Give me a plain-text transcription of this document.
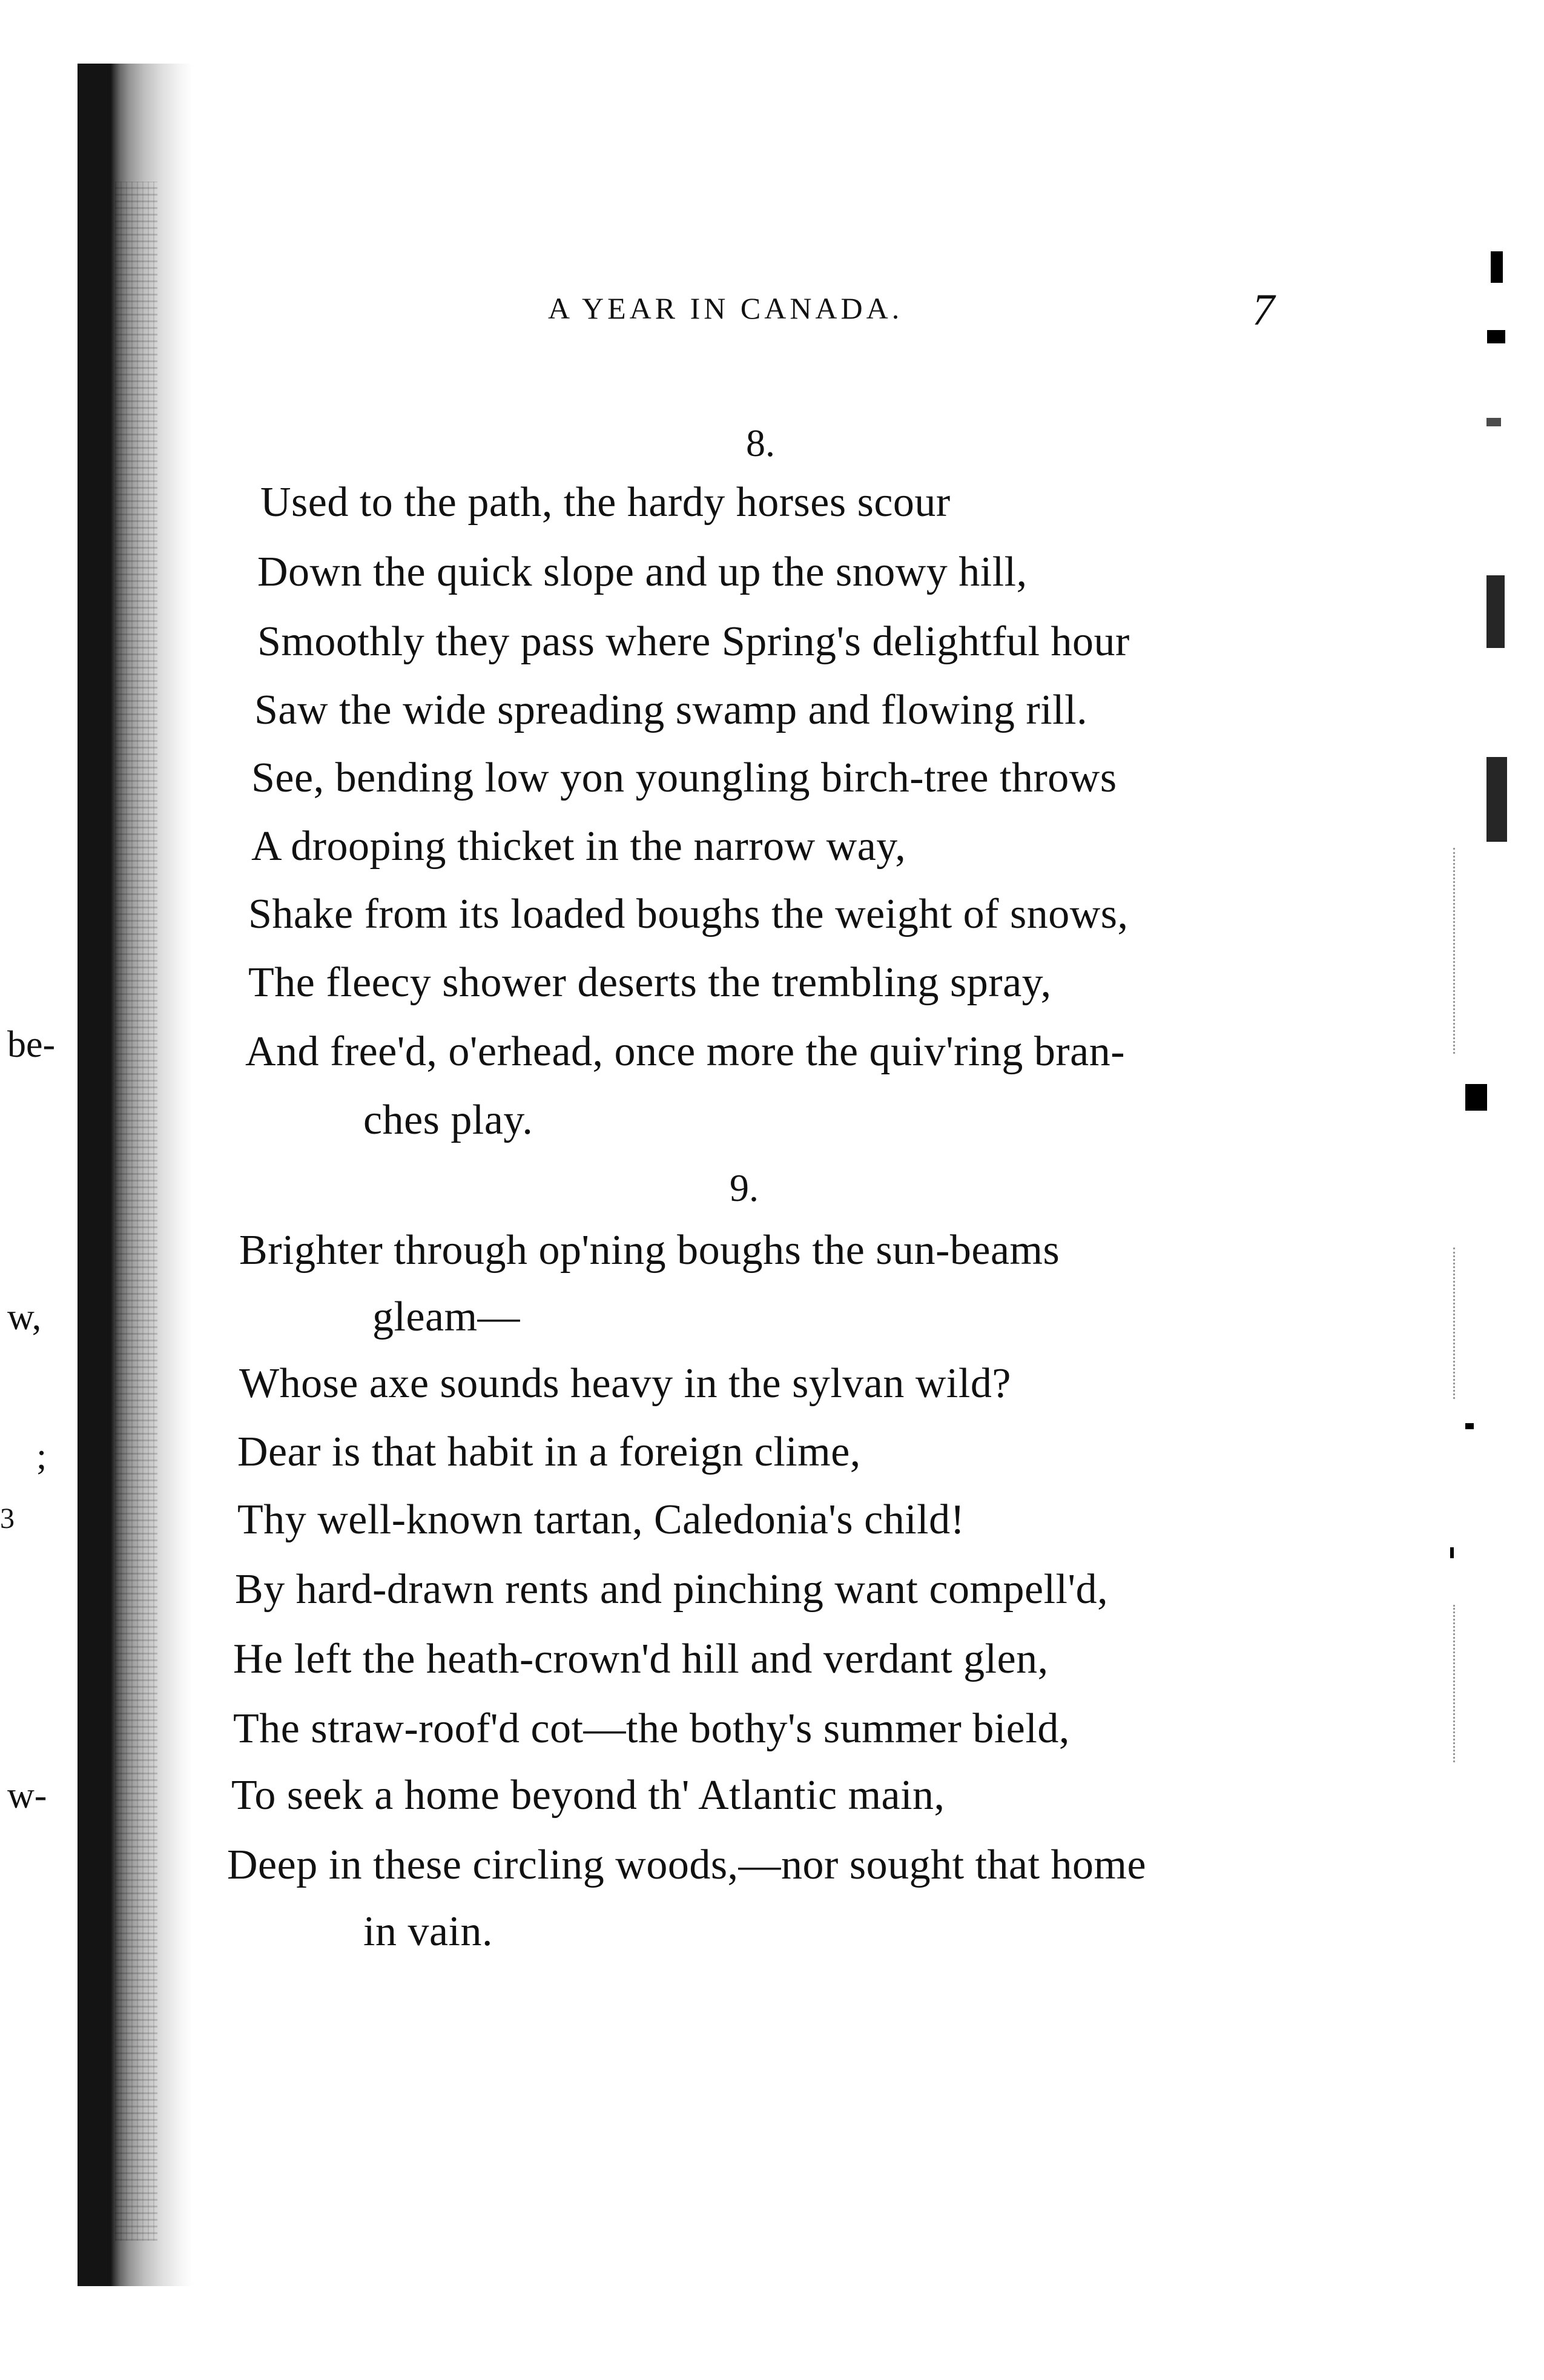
be-
w,
;
3
w-
A YEAR IN CANADA.	7
8.
Used to the path, the hardy horses scour
Down the quick slope and up the snowy hill,
Smoothly they pass where Spring's delightful hour
Saw the wide spreading swamp and flowing rill.
See, bending low yon youngling birch-tree throws
A drooping thicket in the narrow way,
Shake from its loaded boughs the weight of snows,
The fleecy shower deserts the trembling spray,
And free'd, o'erhead, once more the quiv'ring bran-
ches play.
9.
Brighter through op'ning boughs the sun-beams
gleam—
Whose axe sounds heavy in the sylvan wild?
Dear is that habit in a foreign clime,
Thy well-known tartan, Caledonia's child!
By hard-drawn rents and pinching want compell'd,
He left the heath-crown'd hill and verdant glen,
The straw-roof'd cot—the bothy's summer bield,
To seek a home beyond th' Atlantic main,
Deep in these circling woods,—nor sought that home
in vain.
